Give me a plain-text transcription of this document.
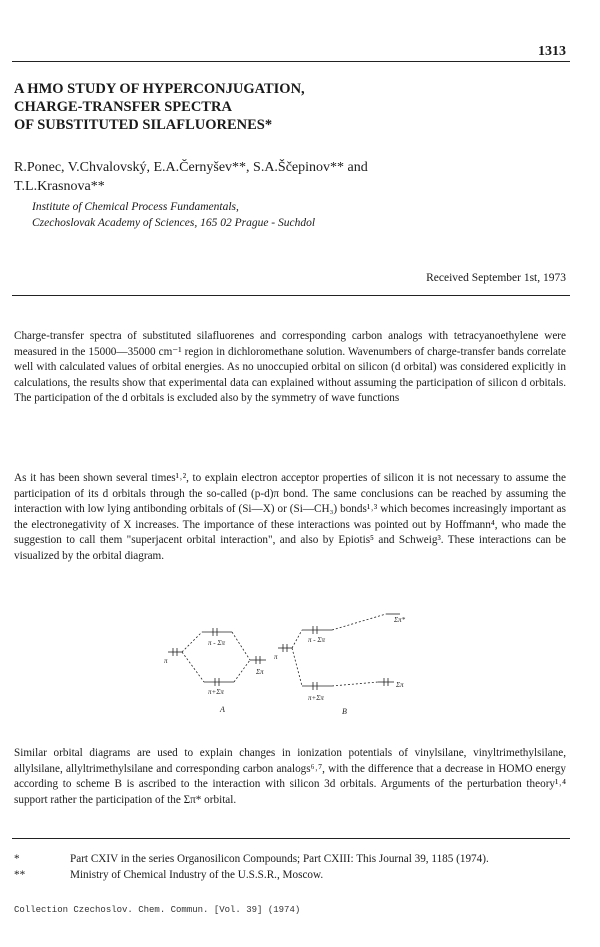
1313
A HMO STUDY OF HYPERCONJUGATION,
CHARGE-TRANSFER SPECTRA
OF SUBSTITUTED SILAFLUORENES*
R.Ponec, V.Chvalovský, E.A.Černyšev**, S.A.Ščepinov** and
T.L.Krasnova**
Institute of Chemical Process Fundamentals,
Czechoslovak Academy of Sciences, 165 02 Prague - Suchdol
Received September 1st, 1973

Charge-transfer spectra of substituted silafluorenes and corresponding carbon analogs with tetracyanoethylene were measured in the 15000—35000 cm⁻¹ region in dichloromethane solution. Wavenumbers of charge-transfer bands correlate well with calculated values of orbital energies. As no unoccupied orbital on silicon (d orbital) was considered explicitly in calculations, the results show that experimental data can explained without assuming the participation of silicon d orbitals. The participation of the d orbitals is excluded also by the symmetry of wave functions

As it has been shown several times¹˒², to explain electron acceptor properties of silicon it is not necessary to assume the participation of its d orbitals through the so-called (p-d)π bond. The same conclusions can be reached by assuming the interaction with low lying antibonding orbitals of (Si—X) or (Si—CH₃) bonds¹˒³ which becomes increasingly important as the electronegativity of X increases. The importance of these interactions was pointed out by Hoffmann⁴, who made the suggestion to call them "superjacent orbital interaction", and also by Epiotis⁵ and Schweig³. These interactions can be visualized by the orbital diagram.

π
π - Σπ
π+Σπ
Σπ
A
π
π - Σπ
π+Σπ
Σπ*
Σπ
B

Similar orbital diagrams are used to explain changes in ionization potentials of vinylsilane, vinyltrimethylsilane, allylsilane, allyltrimethylsilane and corresponding carbon analogs⁶˒⁷, with the difference that a decrease in HOMO energy according to scheme B is ascribed to the interaction with silicon 3d orbitals. Arguments of the perturbation theory¹˒⁴ support rather the participation of the Σπ* orbital.

*	Part CXIV in the series Organosilicon Compounds; Part CXIII: This Journal 39, 1185 (1974).
**	Ministry of Chemical Industry of the U.S.S.R., Moscow.
Collection Czechoslov. Chem. Commun. [Vol. 39] (1974)
